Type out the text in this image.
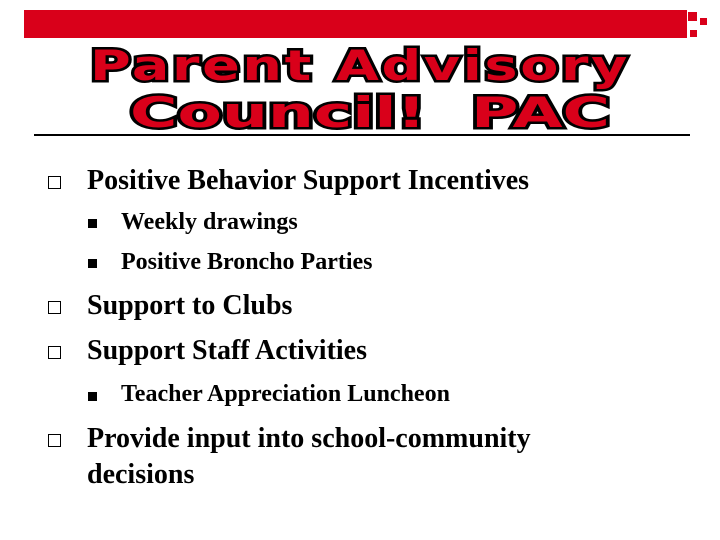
Parent Advisory
Council!  PAC
Positive Behavior Support Incentives
Weekly drawings
Positive Broncho Parties
Support to Clubs
Support Staff Activities
Teacher Appreciation Luncheon
Provide input into school-community
decisions
